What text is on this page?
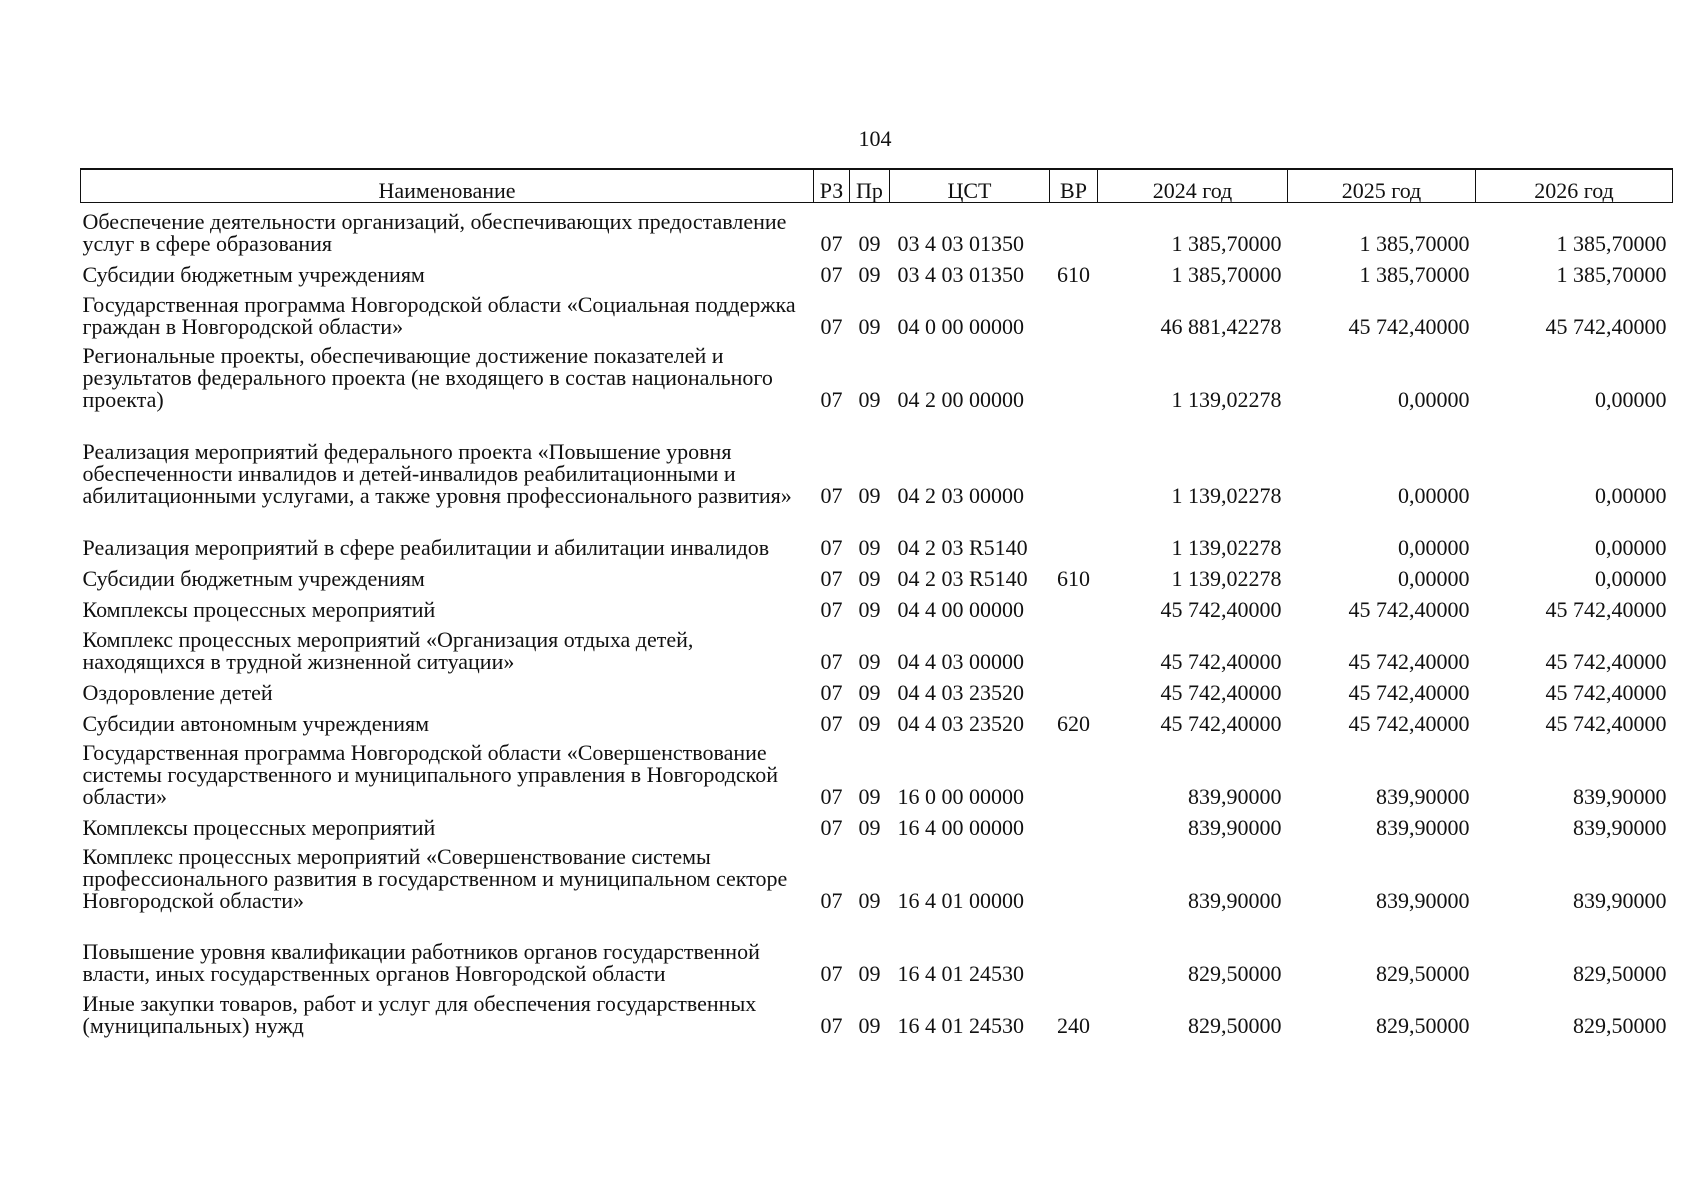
104
Наименование	РЗ	Пр	ЦСТ	ВР	2024 год	2025 год	2026 год
Обеспечение деятельности организаций, обеспечивающих предоставление услуг в сфере образования	07	09	03 4 03 01350		1 385,70000	1 385,70000	1 385,70000
Субсидии бюджетным учреждениям	07	09	03 4 03 01350	610	1 385,70000	1 385,70000	1 385,70000
Государственная программа Новгородской области «Социальная поддержка граждан в Новгородской области»	07	09	04 0 00 00000		46 881,42278	45 742,40000	45 742,40000
Региональные проекты, обеспечивающие достижение показателей и результатов федерального проекта (не входящего в состав национального проекта)	07	09	04 2 00 00000		1 139,02278	0,00000	0,00000
Реализация мероприятий федерального проекта «Повышение уровня обеспеченности инвалидов и детей-инвалидов реабилитационными и абилитационными услугами, а также уровня профессионального развития»	07	09	04 2 03 00000		1 139,02278	0,00000	0,00000
Реализация мероприятий в сфере реабилитации и абилитации инвалидов	07	09	04 2 03 R5140		1 139,02278	0,00000	0,00000
Субсидии бюджетным учреждениям	07	09	04 2 03 R5140	610	1 139,02278	0,00000	0,00000
Комплексы процессных мероприятий	07	09	04 4 00 00000		45 742,40000	45 742,40000	45 742,40000
Комплекс процессных мероприятий «Организация отдыха детей, находящихся в трудной жизненной ситуации»	07	09	04 4 03 00000		45 742,40000	45 742,40000	45 742,40000
Оздоровление детей	07	09	04 4 03 23520		45 742,40000	45 742,40000	45 742,40000
Субсидии автономным учреждениям	07	09	04 4 03 23520	620	45 742,40000	45 742,40000	45 742,40000
Государственная программа Новгородской области «Совершенствование системы государственного и муниципального управления в Новгородской области»	07	09	16 0 00 00000		839,90000	839,90000	839,90000
Комплексы процессных мероприятий	07	09	16 4 00 00000		839,90000	839,90000	839,90000
Комплекс процессных мероприятий «Совершенствование системы профессионального развития в государственном и муниципальном секторе Новгородской области»	07	09	16 4 01 00000		839,90000	839,90000	839,90000
Повышение уровня квалификации работников органов государственной власти, иных государственных органов Новгородской области	07	09	16 4 01 24530		829,50000	829,50000	829,50000
Иные закупки товаров, работ и услуг для обеспечения государственных (муниципальных) нужд	07	09	16 4 01 24530	240	829,50000	829,50000	829,50000
